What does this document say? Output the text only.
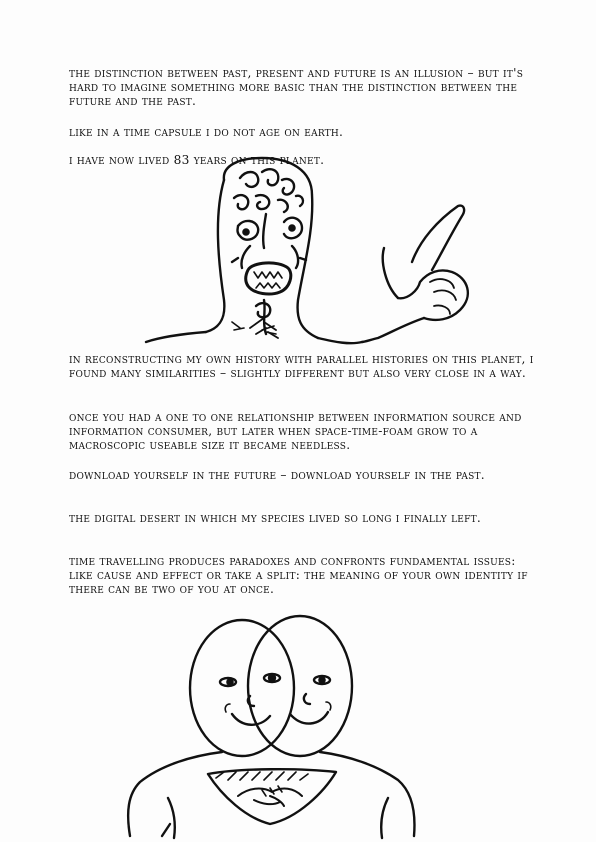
the distinction between past, present and future is an illusion – but it's hard to imagine something more basic than the distinction between the future and the past.

like in a time capsule i do not age on earth.

i have now lived 83 years on this planet.

in reconstructing my own history with parallel histories on this planet, i found many similarities – slightly different but also very close in a way.

once you had a one to one relationship between information source and information consumer, but later when space-time-foam grow to a macroscopic useable size it became needless.

download yourself in the future – download yourself in the past.

the digital desert in which my species lived so long i finally left.

time travelling produces paradoxes and confronts fundamental issues: like cause and effect or take a split: the meaning of your own identity if there can be two of you at once.
